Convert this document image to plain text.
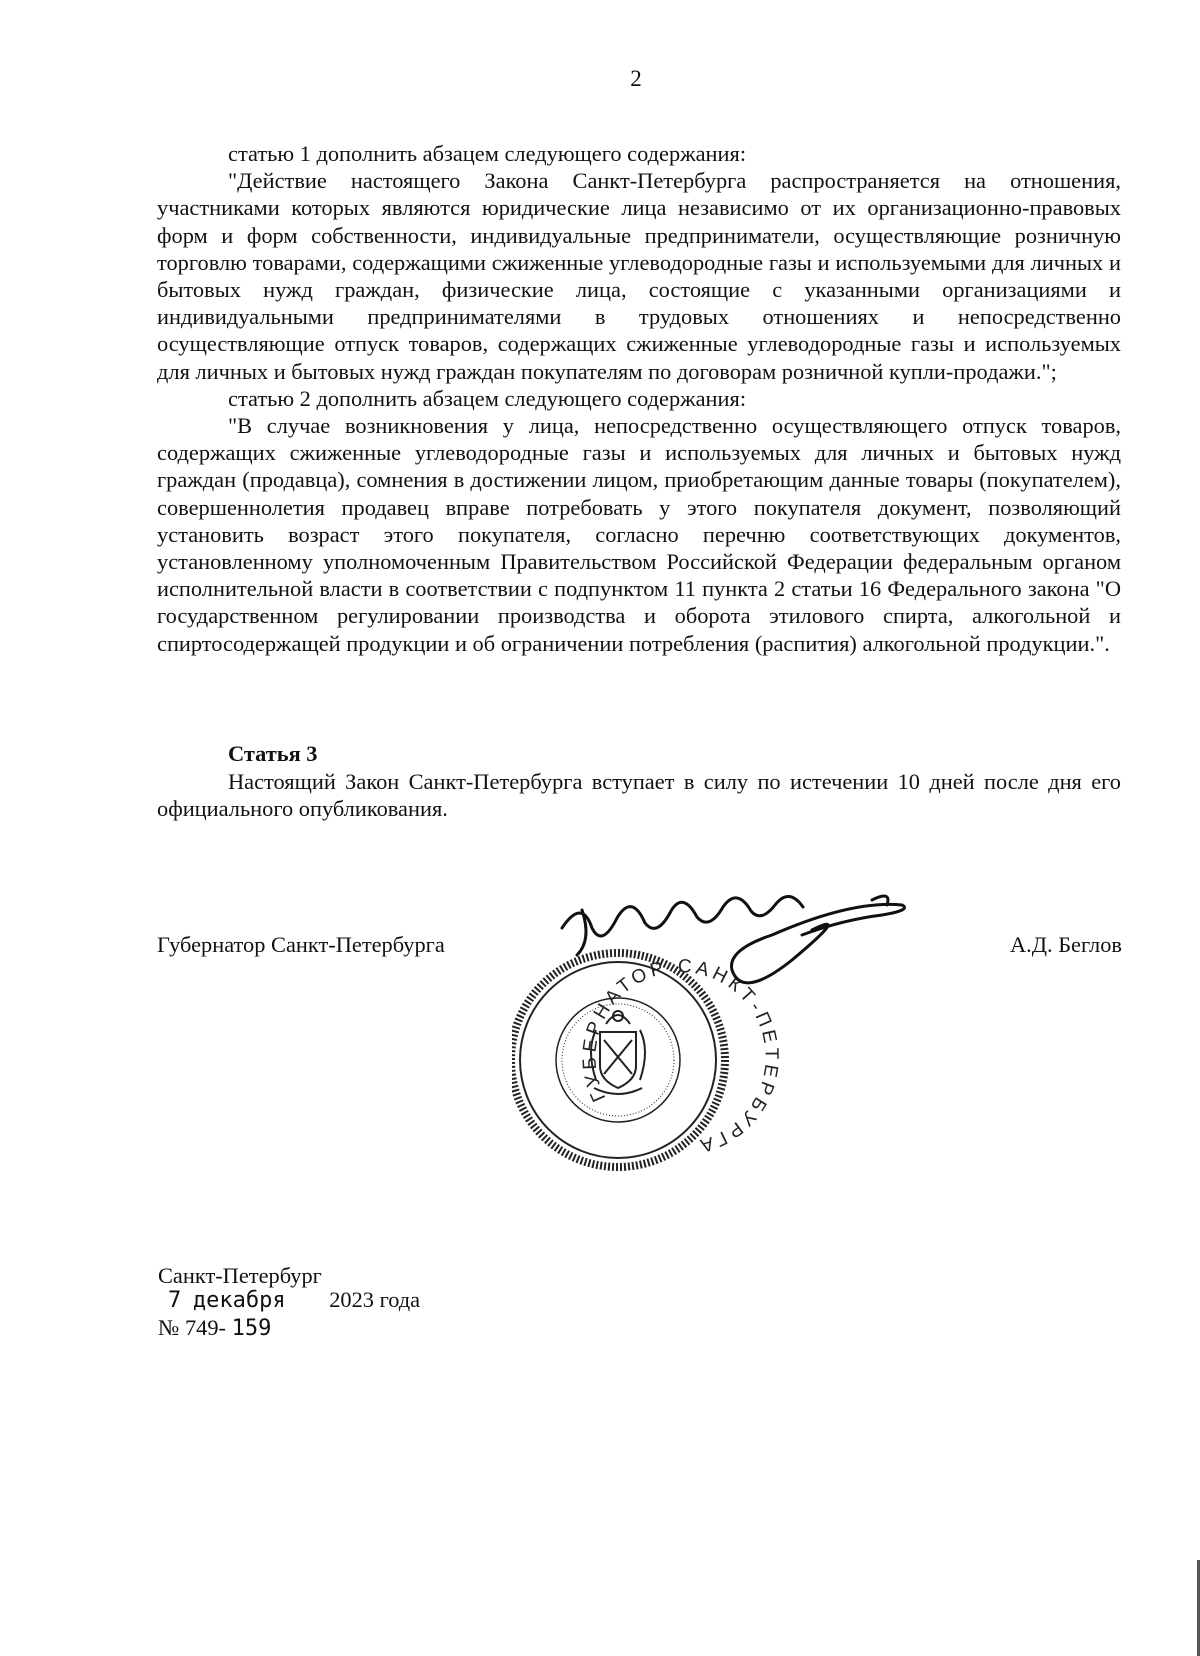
2

статью 1 дополнить абзацем следующего содержания:

"Действие настоящего Закона Санкт-Петербурга распространяется на отношения, участниками которых являются юридические лица независимо от их организационно-правовых форм и форм собственности, индивидуальные предприниматели, осуществляющие розничную торговлю товарами, содержащими сжиженные углеводородные газы и используемыми для личных и бытовых нужд граждан, физические лица, состоящие с указанными организациями и индивидуальными предпринимателями в трудовых отношениях и непосредственно осуществляющие отпуск товаров, содержащих сжиженные углеводородные газы и используемых для личных и бытовых нужд граждан покупателям по договорам розничной купли-продажи.";

статью 2 дополнить абзацем следующего содержания:

"В случае возникновения у лица, непосредственно осуществляющего отпуск товаров, содержащих сжиженные углеводородные газы и используемых для личных и бытовых нужд граждан (продавца), сомнения в достижении лицом, приобретающим данные товары (покупателем), совершеннолетия продавец вправе потребовать у этого покупателя документ, позволяющий установить возраст этого покупателя, согласно перечню соответствующих документов, установленному уполномоченным Правительством Российской Федерации федеральным органом исполнительной власти в соответствии с подпунктом 11 пункта 2 статьи 16 Федерального закона "О государственном регулировании производства и оборота этилового спирта, алкогольной и спиртосодержащей продукции и об ограничении потребления (распития) алкогольной продукции.".

Статья 3

Настоящий Закон Санкт-Петербурга вступает в силу по истечении 10 дней после дня его официального опубликования.

Губернатор Санкт-Петербурга	А.Д. Беглов
ГУБЕРНАТОР САНКТ-ПЕТЕРБУРГА
Санкт-Петербург
7 декабря 2023 года
№ 749- 159
